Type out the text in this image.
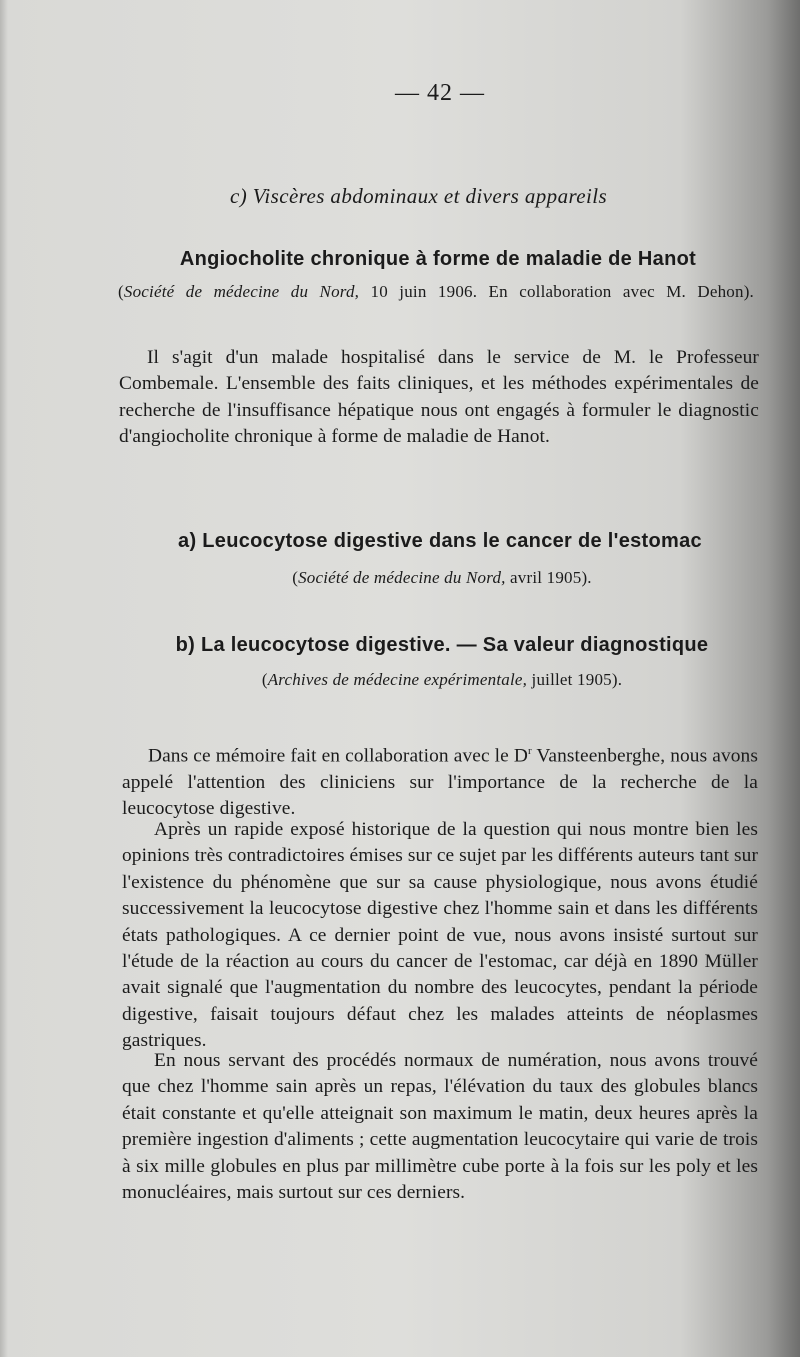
— 42 —
c) Viscères abdominaux et divers appareils
Angiocholite chronique à forme de maladie de Hanot
(Société de médecine du Nord, 10 juin 1906. En collaboration avec M. Dehon).
Il s'agit d'un malade hospitalisé dans le service de M. le Professeur Combemale. L'ensemble des faits cliniques, et les méthodes expérimentales de recherche de l'insuffisance hépatique nous ont engagés à formuler le diagnostic d'angiocholite chronique à forme de maladie de Hanot.
a) Leucocytose digestive dans le cancer de l'estomac
(Société de médecine du Nord, avril 1905).
b) La leucocytose digestive. — Sa valeur diagnostique
(Archives de médecine expérimentale, juillet 1905).
Dans ce mémoire fait en collaboration avec le $D^r$ Vansteenberghe, nous avons appelé l'attention des cliniciens sur l'importance de la recherche de la leucocytose digestive.
Après un rapide exposé historique de la question qui nous montre bien les opinions très contradictoires émises sur ce sujet par les différents auteurs tant sur l'existence du phénomène que sur sa cause physiologique, nous avons étudié successivement la leucocytose digestive chez l'homme sain et dans les différents états pathologiques. A ce dernier point de vue, nous avons insisté surtout sur l'étude de la réaction au cours du cancer de l'estomac, car déjà en 1890 Müller avait signalé que l'augmentation du nombre des leucocytes, pendant la période digestive, faisait toujours défaut chez les malades atteints de néoplasmes gastriques.
En nous servant des procédés normaux de numération, nous avons trouvé que chez l'homme sain après un repas, l'élévation du taux des globules blancs était constante et qu'elle atteignait son maximum le matin, deux heures après la première ingestion d'aliments ; cette augmentation leucocytaire qui varie de trois à six mille globules en plus par millimètre cube porte à la fois sur les poly et les monucléaires, mais surtout sur ces derniers.
